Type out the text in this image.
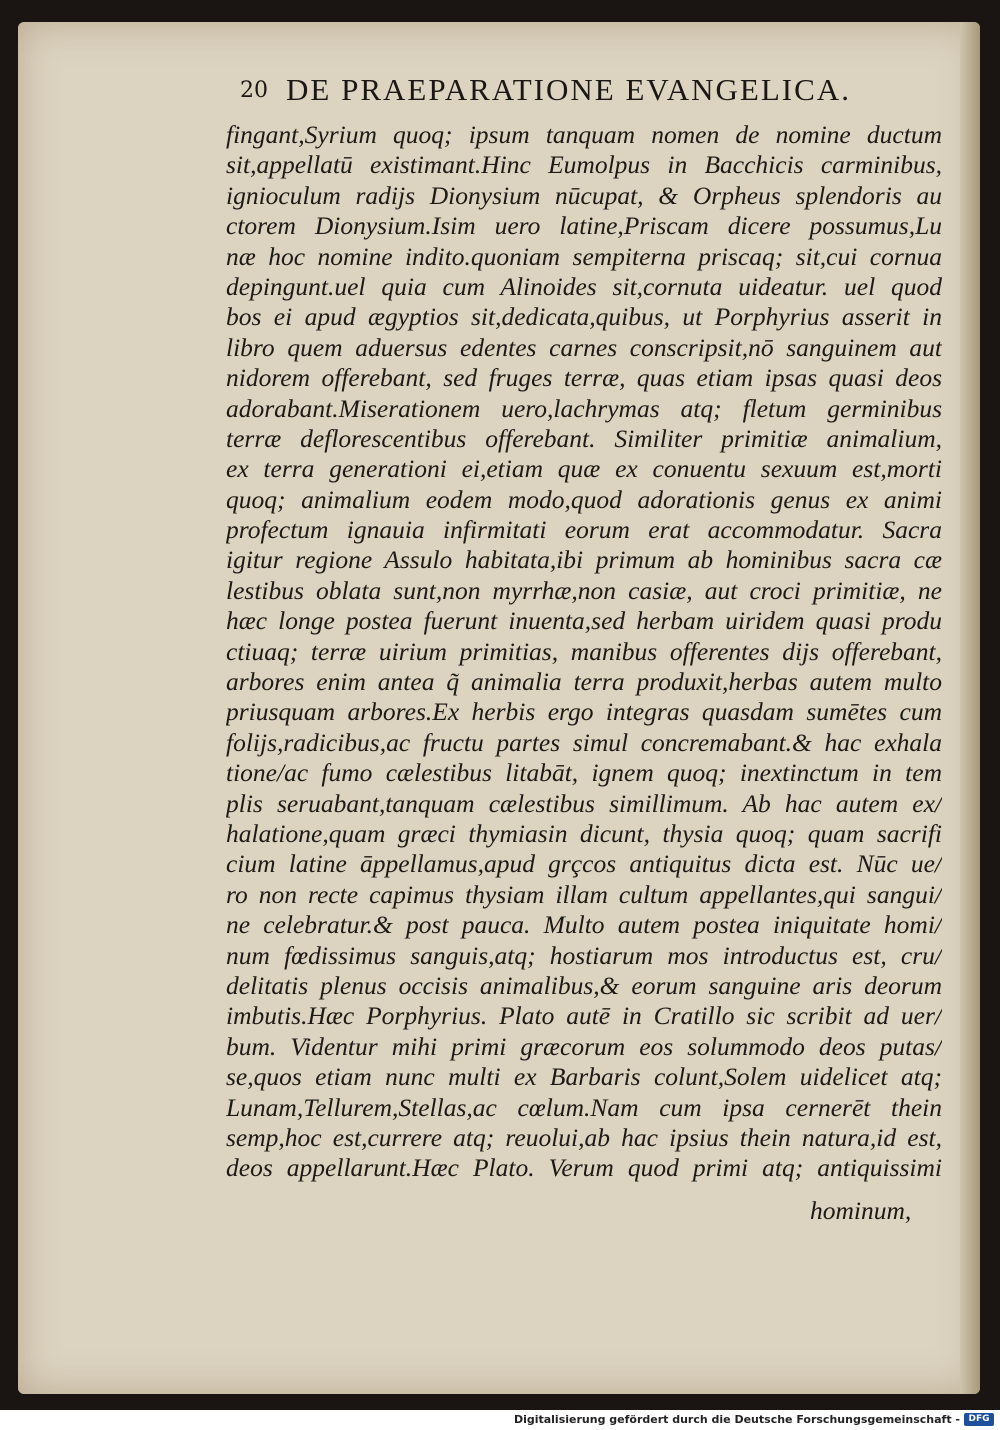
20 DE PRAEPARATIONE EVANGELICA.
fingant,Syrium quoq; ipsum tanquam nomen de nomine ductum
sit,appellatū existimant.Hinc Eumolpus in Bacchicis carminibus,
ignioculum radijs Dionysium nūcupat, & Orpheus splendoris au
ctorem Dionysium.Isim uero latine,Priscam dicere possumus,Lu
næ hoc nomine indito.quoniam sempiterna priscaq; sit,cui cornua
depingunt.uel quia cum Alinoides sit,cornuta uideatur. uel quod
bos ei apud ægyptios sit,dedicata,quibus, ut Porphyrius asserit in
libro quem aduersus edentes carnes conscripsit,nō sanguinem aut
nidorem offerebant, sed fruges terræ, quas etiam ipsas quasi deos
adorabant.Miserationem uero,lachrymas atq; fletum germinibus
terræ deflorescentibus offerebant. Similiter primitiæ animalium,
ex terra generationi ei,etiam quæ ex conuentu sexuum est,morti
quoq; animalium eodem modo,quod adorationis genus ex animi
profectum ignauia infirmitati eorum erat accommodatur. Sacra
igitur regione Assulo habitata,ibi primum ab hominibus sacra cæ
lestibus oblata sunt,non myrrhæ,non casiæ, aut croci primitiæ, ne
hæc longe postea fuerunt inuenta,sed herbam uiridem quasi produ
ctiuaq; terræ uirium primitias, manibus offerentes dijs offerebant,
arbores enim antea q̃ animalia terra produxit,herbas autem multo
priusquam arbores.Ex herbis ergo integras quasdam sumētes cum
folijs,radicibus,ac fructu partes simul concremabant.& hac exhala
tione/ac fumo cælestibus litabāt, ignem quoq; inextinctum in tem
plis seruabant,tanquam cælestibus simillimum. Ab hac autem ex/
halatione,quam græci thymiasin dicunt, thysia quoq; quam sacrifi
cium latine āppellamus,apud grçcos antiquitus dicta est. Nūc ue/
ro non recte capimus thysiam illam cultum appellantes,qui sangui/
ne celebratur.& post pauca. Multo autem postea iniquitate homi/
num fœdissimus sanguis,atq; hostiarum mos introductus est, cru/
delitatis plenus occisis animalibus,& eorum sanguine aris deorum
imbutis.Hæc Porphyrius. Plato autē in Cratillo sic scribit ad uer/
bum. Videntur mihi primi græcorum eos solummodo deos putas/
se,quos etiam nunc multi ex Barbaris colunt,Solem uidelicet atq;
Lunam,Tellurem,Stellas,ac cœlum.Nam cum ipsa cernerēt thein
semp,hoc est,currere atq; reuolui,ab hac ipsius thein natura,id est,
deos appellarunt.Hæc Plato. Verum quod primi atq; antiquissimi
hominum,
Digitalisierung gefördert durch die Deutsche Forschungsgemeinschaft - DFG
